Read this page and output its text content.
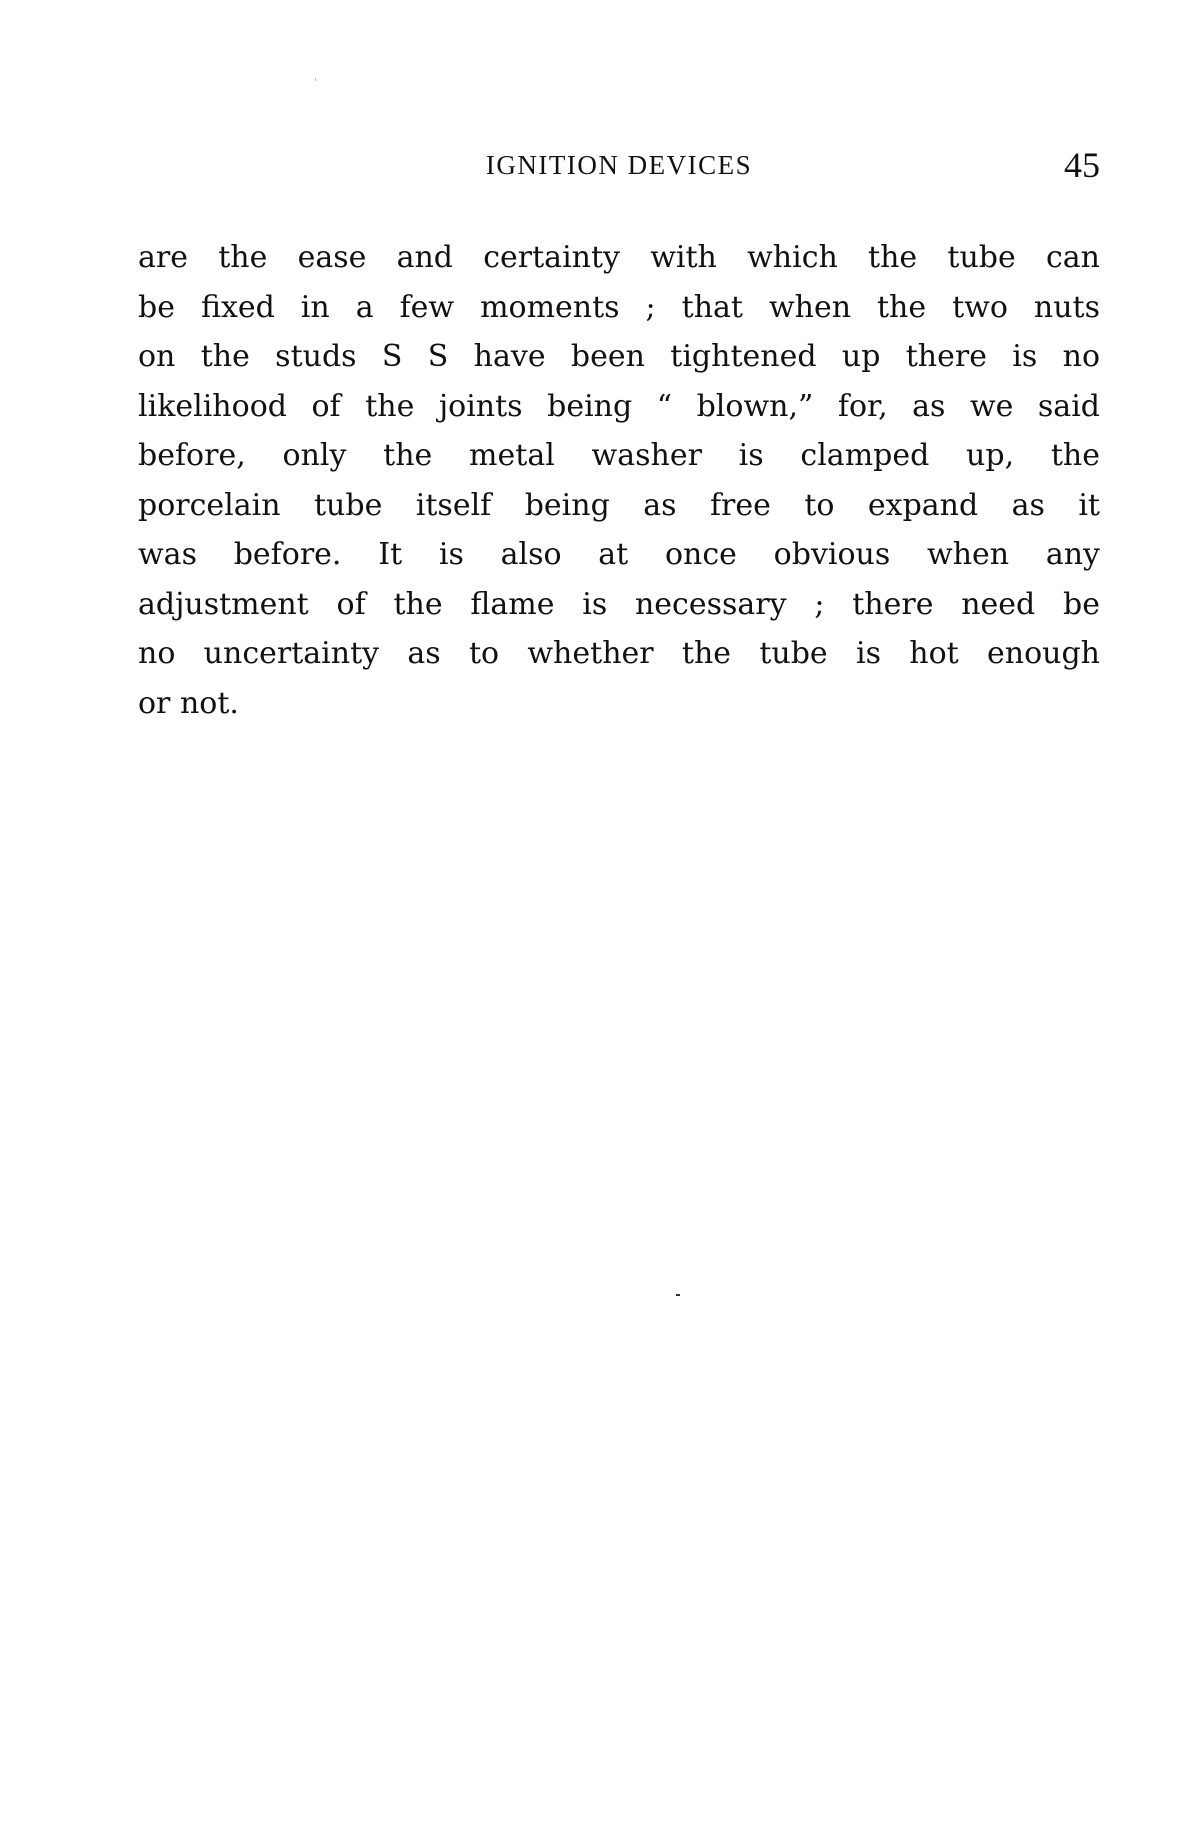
IGNITION DEVICES	45
are the ease and certainty with which the tube can
be fixed in a few moments ; that when the two nuts
on the studs S S have been tightened up there is no
likelihood of the joints being “ blown,” for, as we said
before, only the metal washer is clamped up, the
porcelain tube itself being as free to expand as it
was before. It is also at once obvious when any
adjustment of the flame is necessary ; there need be
no uncertainty as to whether the tube is hot enough
or not.
